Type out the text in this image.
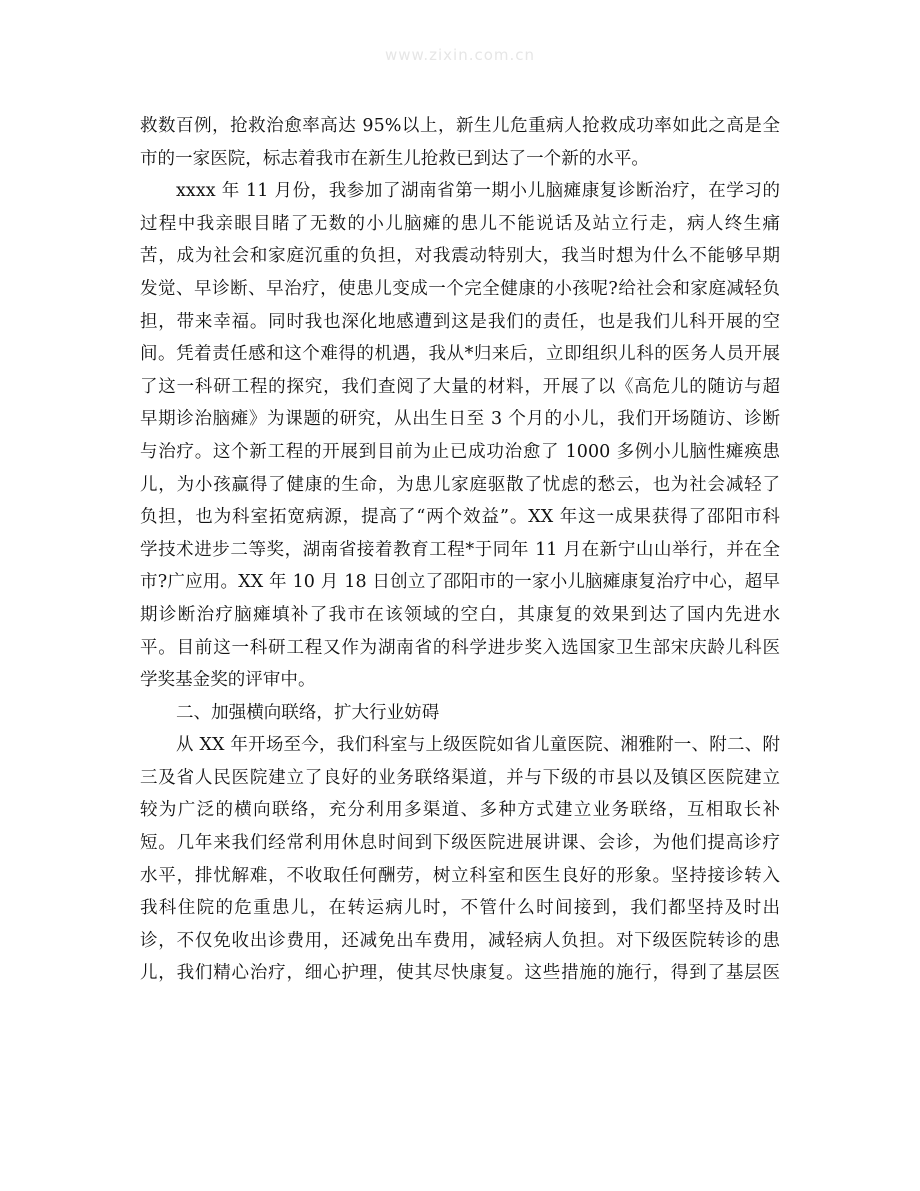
www.zixin.com.cn
救数百例，抢救治愈率高达 95%以上，新生儿危重病人抢救成功率如此之高是全
市的一家医院，标志着我市在新生儿抢救已到达了一个新的水平。
xxxx 年 11 月份，我参加了湖南省第一期小儿脑瘫康复诊断治疗，在学习的
过程中我亲眼目睹了无数的小儿脑瘫的患儿不能说话及站立行走，病人终生痛
苦，成为社会和家庭沉重的负担，对我震动特别大，我当时想为什么不能够早期
发觉、早诊断、早治疗，使患儿变成一个完全健康的小孩呢?给社会和家庭减轻负
担，带来幸福。同时我也深化地感遭到这是我们的责任，也是我们儿科开展的空
间。凭着责任感和这个难得的机遇，我从*归来后，立即组织儿科的医务人员开展
了这一科研工程的探究，我们查阅了大量的材料，开展了以《高危儿的随访与超
早期诊治脑瘫》为课题的研究，从出生日至 3 个月的小儿，我们开场随访、诊断
与治疗。这个新工程的开展到目前为止已成功治愈了 1000 多例小儿脑性瘫痪患
儿，为小孩赢得了健康的生命，为患儿家庭驱散了忧虑的愁云，也为社会减轻了
负担，也为科室拓宽病源，提高了“两个效益”。XX 年这一成果获得了邵阳市科
学技术进步二等奖，湖南省接着教育工程*于同年 11 月在新宁山山举行，并在全
市?广应用。XX 年 10 月 18 日创立了邵阳市的一家小儿脑瘫康复治疗中心，超早
期诊断治疗脑瘫填补了我市在该领域的空白，其康复的效果到达了国内先进水
平。目前这一科研工程又作为湖南省的科学进步奖入选国家卫生部宋庆龄儿科医
学奖基金奖的评审中。
二、加强横向联络，扩大行业妨碍
从 XX 年开场至今，我们科室与上级医院如省儿童医院、湘雅附一、附二、附
三及省人民医院建立了良好的业务联络渠道，并与下级的市县以及镇区医院建立
较为广泛的横向联络，充分利用多渠道、多种方式建立业务联络，互相取长补
短。几年来我们经常利用休息时间到下级医院进展讲课、会诊，为他们提高诊疗
水平，排忧解难，不收取任何酬劳，树立科室和医生良好的形象。坚持接诊转入
我科住院的危重患儿，在转运病儿时，不管什么时间接到，我们都坚持及时出
诊，不仅免收出诊费用，还减免出车费用，减轻病人负担。对下级医院转诊的患
儿，我们精心治疗，细心护理，使其尽快康复。这些措施的施行，得到了基层医
